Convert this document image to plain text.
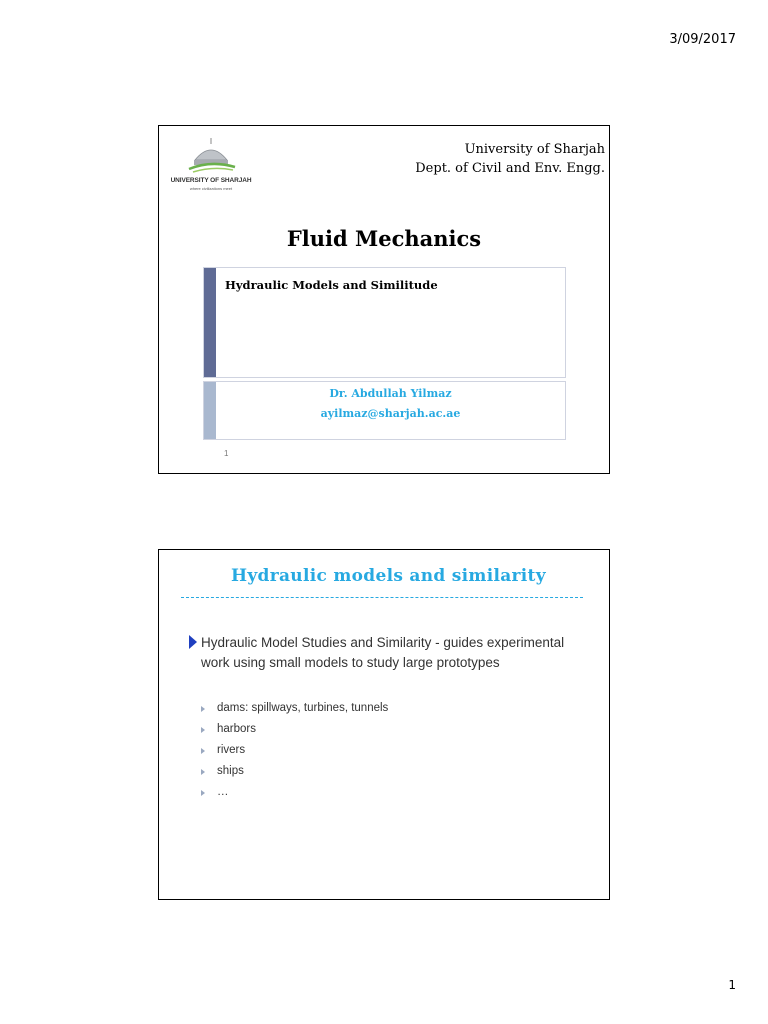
3/09/2017
UNIVERSITY OF SHARJAH
where civilizations meet
University of Sharjah
Dept. of Civil and Env. Engg.
Fluid Mechanics
Hydraulic Models and Similitude
Dr. Abdullah Yilmaz
ayilmaz@sharjah.ac.ae
1
Hydraulic models and similarity
Hydraulic Model Studies and Similarity - guides experimental work using small models to study large prototypes
dams: spillways, turbines, tunnels
harbors
rivers
ships
…
1
